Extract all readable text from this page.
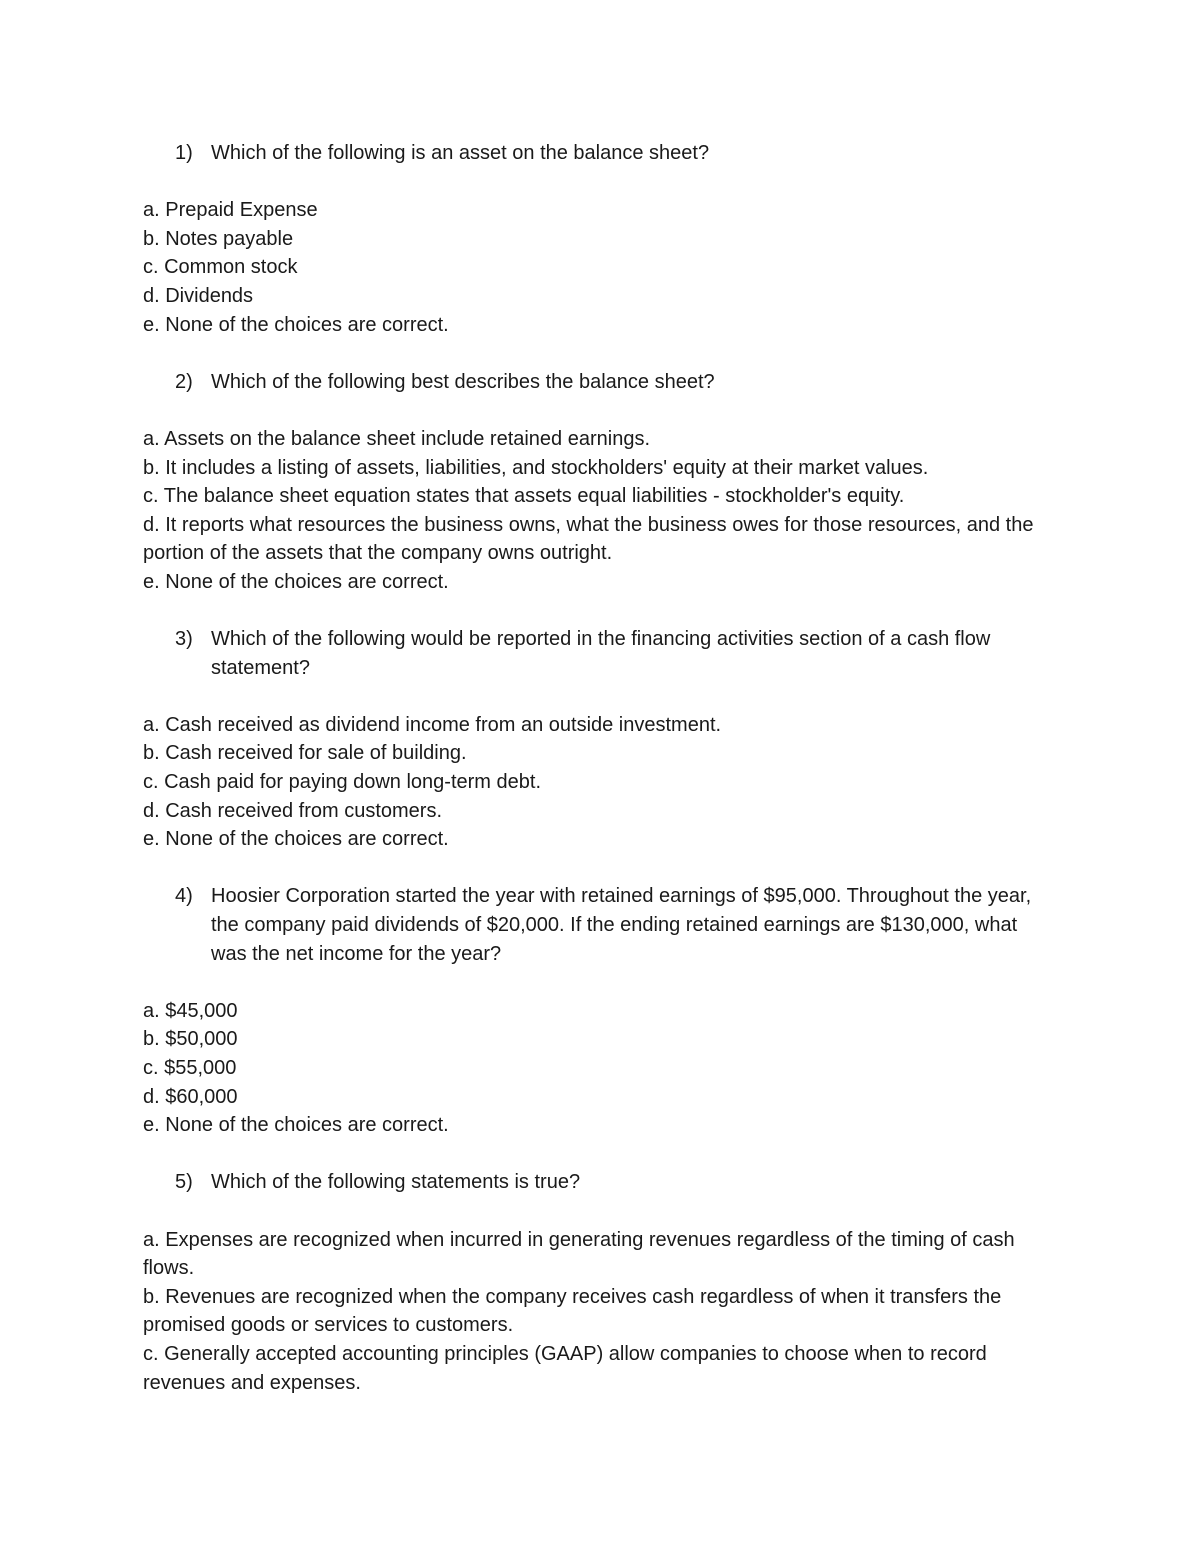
1) Which of the following is an asset on the balance sheet?
a. Prepaid Expense
b. Notes payable
c. Common stock
d. Dividends
e. None of the choices are correct.
2) Which of the following best describes the balance sheet?
a. Assets on the balance sheet include retained earnings.
b. It includes a listing of assets, liabilities, and stockholders' equity at their market values.
c. The balance sheet equation states that assets equal liabilities - stockholder's equity.
d. It reports what resources the business owns, what the business owes for those resources, and the portion of the assets that the company owns outright.
e. None of the choices are correct.
3) Which of the following would be reported in the financing activities section of a cash flow statement?
a. Cash received as dividend income from an outside investment.
b. Cash received for sale of building.
c. Cash paid for paying down long-term debt.
d. Cash received from customers.
e. None of the choices are correct.
4) Hoosier Corporation started the year with retained earnings of $95,000. Throughout the year, the company paid dividends of $20,000. If the ending retained earnings are $130,000, what was the net income for the year?
a. $45,000
b. $50,000
c. $55,000
d. $60,000
e. None of the choices are correct.
5) Which of the following statements is true?
a. Expenses are recognized when incurred in generating revenues regardless of the timing of cash flows.
b. Revenues are recognized when the company receives cash regardless of when it transfers the promised goods or services to customers.
c. Generally accepted accounting principles (GAAP) allow companies to choose when to record revenues and expenses.
